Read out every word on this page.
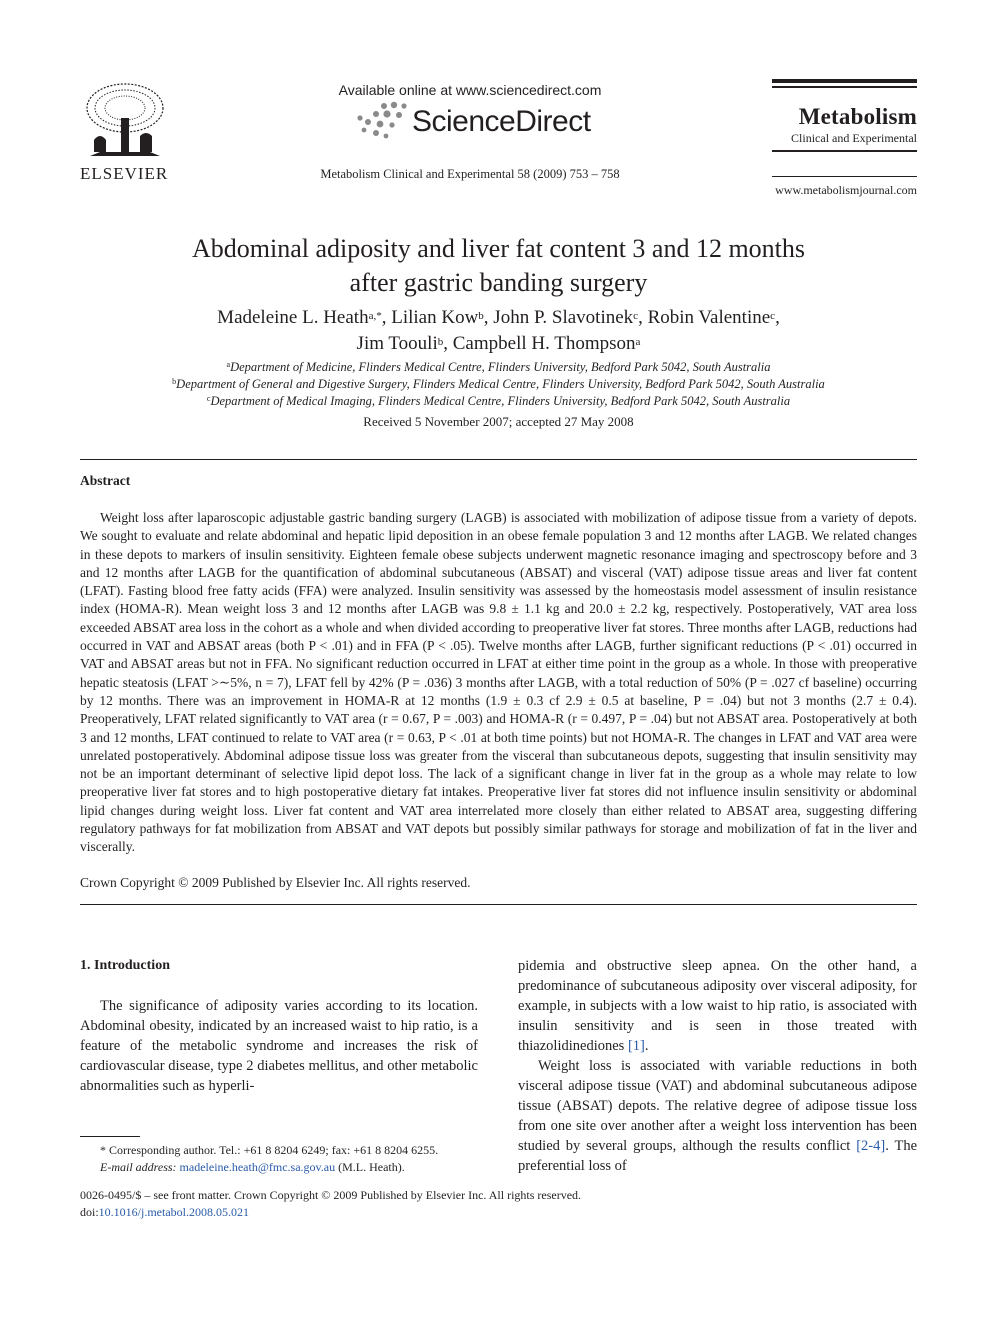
ELSEVIER
Available online at www.sciencedirect.com
ScienceDirect
Metabolism Clinical and Experimental 58 (2009) 753 – 758
Metabolism
Clinical and Experimental
www.metabolismjournal.com
Abdominal adiposity and liver fat content 3 and 12 months
after gastric banding surgery
Madeleine L. Heath$^{a,*}$, Lilian Kow$^b$, John P. Slavotinek$^c$, Robin Valentine$^c$,
Jim Toouli$^b$, Campbell H. Thompson$^a$
$^a$Department of Medicine, Flinders Medical Centre, Flinders University, Bedford Park 5042, South Australia
$^b$Department of General and Digestive Surgery, Flinders Medical Centre, Flinders University, Bedford Park 5042, South Australia
$^c$Department of Medical Imaging, Flinders Medical Centre, Flinders University, Bedford Park 5042, South Australia
Received 5 November 2007; accepted 27 May 2008
Abstract
Weight loss after laparoscopic adjustable gastric banding surgery (LAGB) is associated with mobilization of adipose tissue from a variety of depots. We sought to evaluate and relate abdominal and hepatic lipid deposition in an obese female population 3 and 12 months after LAGB. We related changes in these depots to markers of insulin sensitivity. Eighteen female obese subjects underwent magnetic resonance imaging and spectroscopy before and 3 and 12 months after LAGB for the quantification of abdominal subcutaneous (ABSAT) and visceral (VAT) adipose tissue areas and liver fat content (LFAT). Fasting blood free fatty acids (FFA) were analyzed. Insulin sensitivity was assessed by the homeostasis model assessment of insulin resistance index (HOMA-R). Mean weight loss 3 and 12 months after LAGB was 9.8 ± 1.1 kg and 20.0 ± 2.2 kg, respectively. Postoperatively, VAT area loss exceeded ABSAT area loss in the cohort as a whole and when divided according to preoperative liver fat stores. Three months after LAGB, reductions had occurred in VAT and ABSAT areas (both P < .01) and in FFA (P < .05). Twelve months after LAGB, further significant reductions (P < .01) occurred in VAT and ABSAT areas but not in FFA. No significant reduction occurred in LFAT at either time point in the group as a whole. In those with preoperative hepatic steatosis (LFAT >∼5%, n = 7), LFAT fell by 42% (P = .036) 3 months after LAGB, with a total reduction of 50% (P = .027 cf baseline) occurring by 12 months. There was an improvement in HOMA-R at 12 months (1.9 ± 0.3 cf 2.9 ± 0.5 at baseline, P = .04) but not 3 months (2.7 ± 0.4). Preoperatively, LFAT related significantly to VAT area (r = 0.67, P = .003) and HOMA-R (r = 0.497, P = .04) but not ABSAT area. Postoperatively at both 3 and 12 months, LFAT continued to relate to VAT area (r = 0.63, P < .01 at both time points) but not HOMA-R. The changes in LFAT and VAT area were unrelated postoperatively. Abdominal adipose tissue loss was greater from the visceral than subcutaneous depots, suggesting that insulin sensitivity may not be an important determinant of selective lipid depot loss. The lack of a significant change in liver fat in the group as a whole may relate to low preoperative liver fat stores and to high postoperative dietary fat intakes. Preoperative liver fat stores did not influence insulin sensitivity or abdominal lipid changes during weight loss. Liver fat content and VAT area interrelated more closely than either related to ABSAT area, suggesting differing regulatory pathways for fat mobilization from ABSAT and VAT depots but possibly similar pathways for storage and mobilization of fat in the liver and viscerally.
Crown Copyright © 2009 Published by Elsevier Inc. All rights reserved.
1. Introduction

The significance of adiposity varies according to its location. Abdominal obesity, indicated by an increased waist to hip ratio, is a feature of the metabolic syndrome and increases the risk of cardiovascular disease, type 2 diabetes mellitus, and other metabolic abnormalities such as hyperli-

pidemia and obstructive sleep apnea. On the other hand, a predominance of subcutaneous adiposity over visceral adiposity, for example, in subjects with a low waist to hip ratio, is associated with insulin sensitivity and is seen in those treated with thiazolidinediones [1].

Weight loss is associated with variable reductions in both visceral adipose tissue (VAT) and abdominal subcutaneous adipose tissue (ABSAT) depots. The relative degree of adipose tissue loss from one site over another after a weight loss intervention has been studied by several groups, although the results conflict [2-4]. The preferential loss of

* Corresponding author. Tel.: +61 8 8204 6249; fax: +61 8 8204 6255.
E-mail address: madeleine.heath@fmc.sa.gov.au (M.L. Heath).
0026-0495/$ – see front matter. Crown Copyright © 2009 Published by Elsevier Inc. All rights reserved.
doi:10.1016/j.metabol.2008.05.021
